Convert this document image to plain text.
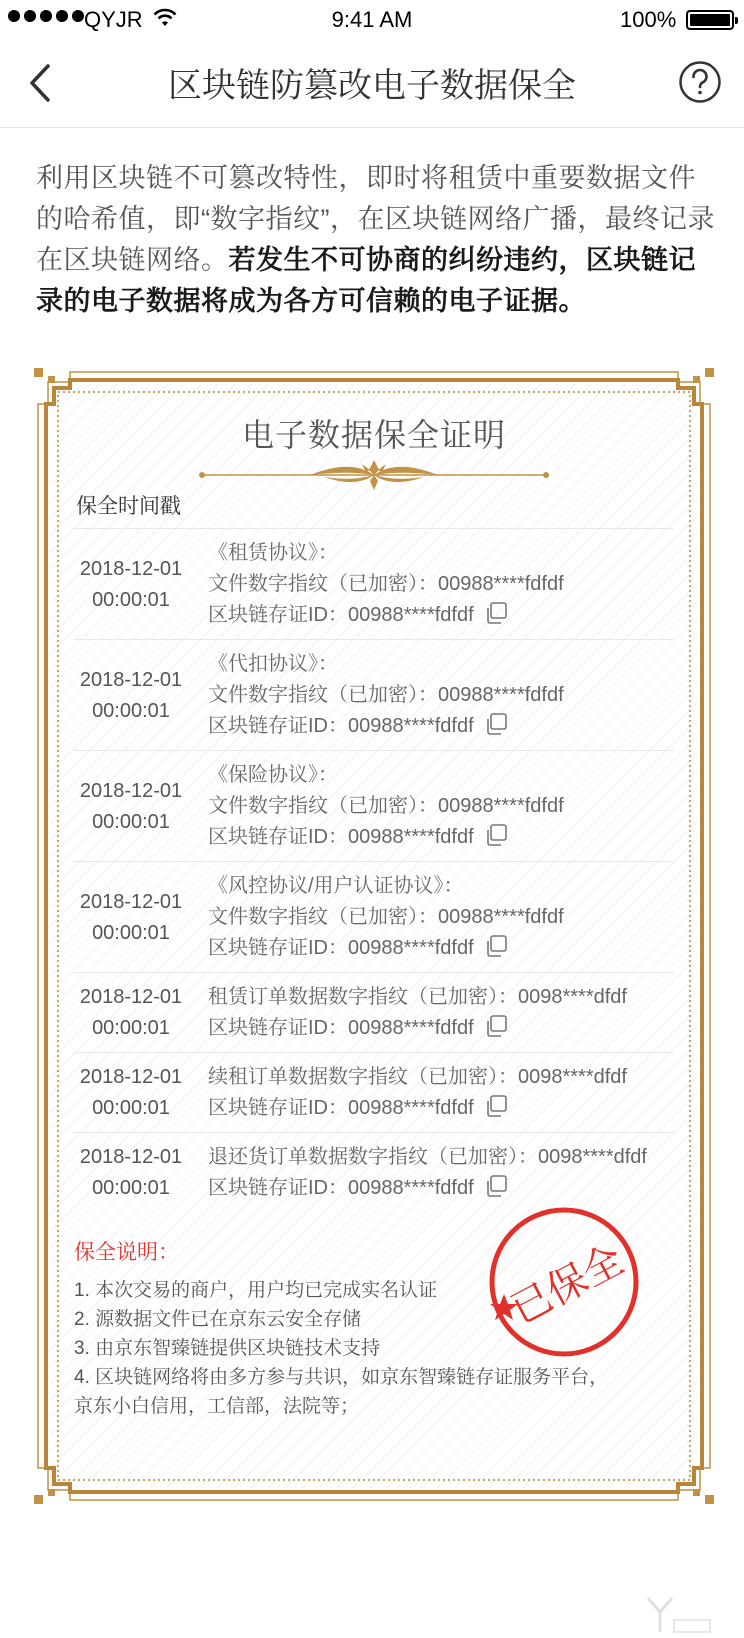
QYJR	9:41 AM	100%
区块链防篡改电子数据保全

利用区块链不可篡改特性，即时将租赁中重要数据文件的哈希值，即“数字指纹”，在区块链网络广播，最终记录在区块链网络。若发生不可协商的纠纷违约，区块链记录的电子数据将成为各方可信赖的电子证据。

电子数据保全证明
保全时间戳
2018-12-01
00:00:01
《租赁协议》：
文件数字指纹（已加密）：00988****fdfdf
区块链存证ID：00988****fdfdf
2018-12-01
00:00:01
《代扣协议》：
文件数字指纹（已加密）：00988****fdfdf
区块链存证ID：00988****fdfdf
2018-12-01
00:00:01
《保险协议》：
文件数字指纹（已加密）：00988****fdfdf
区块链存证ID：00988****fdfdf
2018-12-01
00:00:01
《风控协议/用户认证协议》：
文件数字指纹（已加密）：00988****fdfdf
区块链存证ID：00988****fdfdf
2018-12-01
00:00:01
租赁订单数据数字指纹（已加密）：0098****dfdf
区块链存证ID：00988****fdfdf
2018-12-01
00:00:01
续租订单数据数字指纹（已加密）：0098****dfdf
区块链存证ID：00988****fdfdf
2018-12-01
00:00:01
退还货订单数据数字指纹（已加密）：0098****dfdf
区块链存证ID：00988****fdfdf
保全说明：
1. 本次交易的商户，用户均已完成实名认证
2. 源数据文件已在京东云安全存储
3. 由京东智臻链提供区块链技术支持
4. 区块链网络将由多方参与共识，如京东智臻链存证服务平台，
京东小白信用，工信部，法院等；
已保全
